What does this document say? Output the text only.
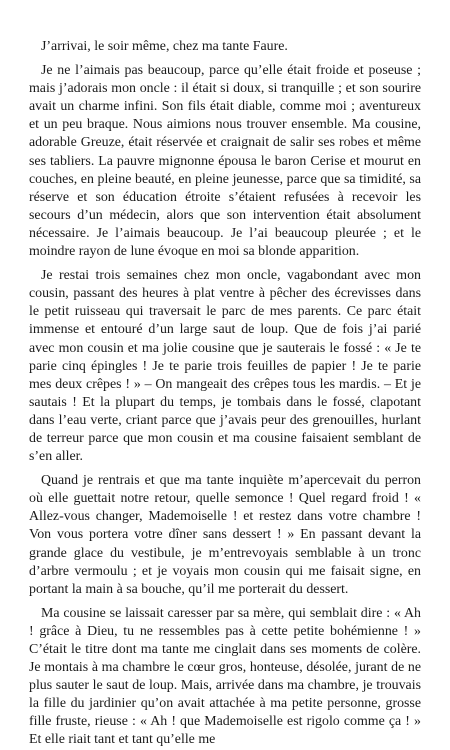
J’arrivai, le soir même, chez ma tante Faure.

Je ne l’aimais pas beaucoup, parce qu’elle était froide et poseuse ; mais j’adorais mon oncle : il était si doux, si tranquille ; et son sourire avait un charme infini. Son fils était diable, comme moi ; aventureux et un peu braque. Nous aimions nous trouver ensemble. Ma cousine, adorable Greuze, était réservée et craignait de salir ses robes et même ses tabliers. La pauvre mignonne épousa le baron Cerise et mourut en couches, en pleine beauté, en pleine jeunesse, parce que sa timidité, sa réserve et son éducation étroite s’étaient refusées à recevoir les secours d’un médecin, alors que son intervention était absolument nécessaire. Je l’aimais beaucoup. Je l’ai beaucoup pleurée ; et le moindre rayon de lune évoque en moi sa blonde apparition.

Je restai trois semaines chez mon oncle, vagabondant avec mon cousin, passant des heures à plat ventre à pêcher des écrevisses dans le petit ruisseau qui traversait le parc de mes parents. Ce parc était immense et entouré d’un large saut de loup. Que de fois j’ai parié avec mon cousin et ma jolie cousine que je sauterais le fossé : « Je te parie cinq épingles ! Je te parie trois feuilles de papier ! Je te parie mes deux crêpes ! » – On mangeait des crêpes tous les mardis. – Et je sautais ! Et la plupart du temps, je tombais dans le fossé, clapotant dans l’eau verte, criant parce que j’avais peur des grenouilles, hurlant de terreur parce que mon cousin et ma cousine faisaient semblant de s’en aller.

Quand je rentrais et que ma tante inquiète m’apercevait du perron où elle guettait notre retour, quelle semonce ! Quel regard froid ! « Allez-vous changer, Mademoiselle ! et restez dans votre chambre ! Von vous portera votre dîner sans dessert ! » En passant devant la grande glace du vestibule, je m’entrevoyais semblable à un tronc d’arbre vermoulu ; et je voyais mon cousin qui me faisait signe, en portant la main à sa bouche, qu’il me porterait du dessert.

Ma cousine se laissait caresser par sa mère, qui semblait dire : « Ah ! grâce à Dieu, tu ne ressembles pas à cette petite bohémienne ! » C’était le titre dont ma tante me cinglait dans ses moments de colère. Je montais à ma chambre le cœur gros, honteuse, désolée, jurant de ne plus sauter le saut de loup. Mais, arrivée dans ma chambre, je trouvais la fille du jardinier qu’on avait attachée à ma petite personne, grosse fille fruste, rieuse : « Ah ! que Mademoiselle est rigolo comme ça ! » Et elle riait tant et tant qu’elle me
